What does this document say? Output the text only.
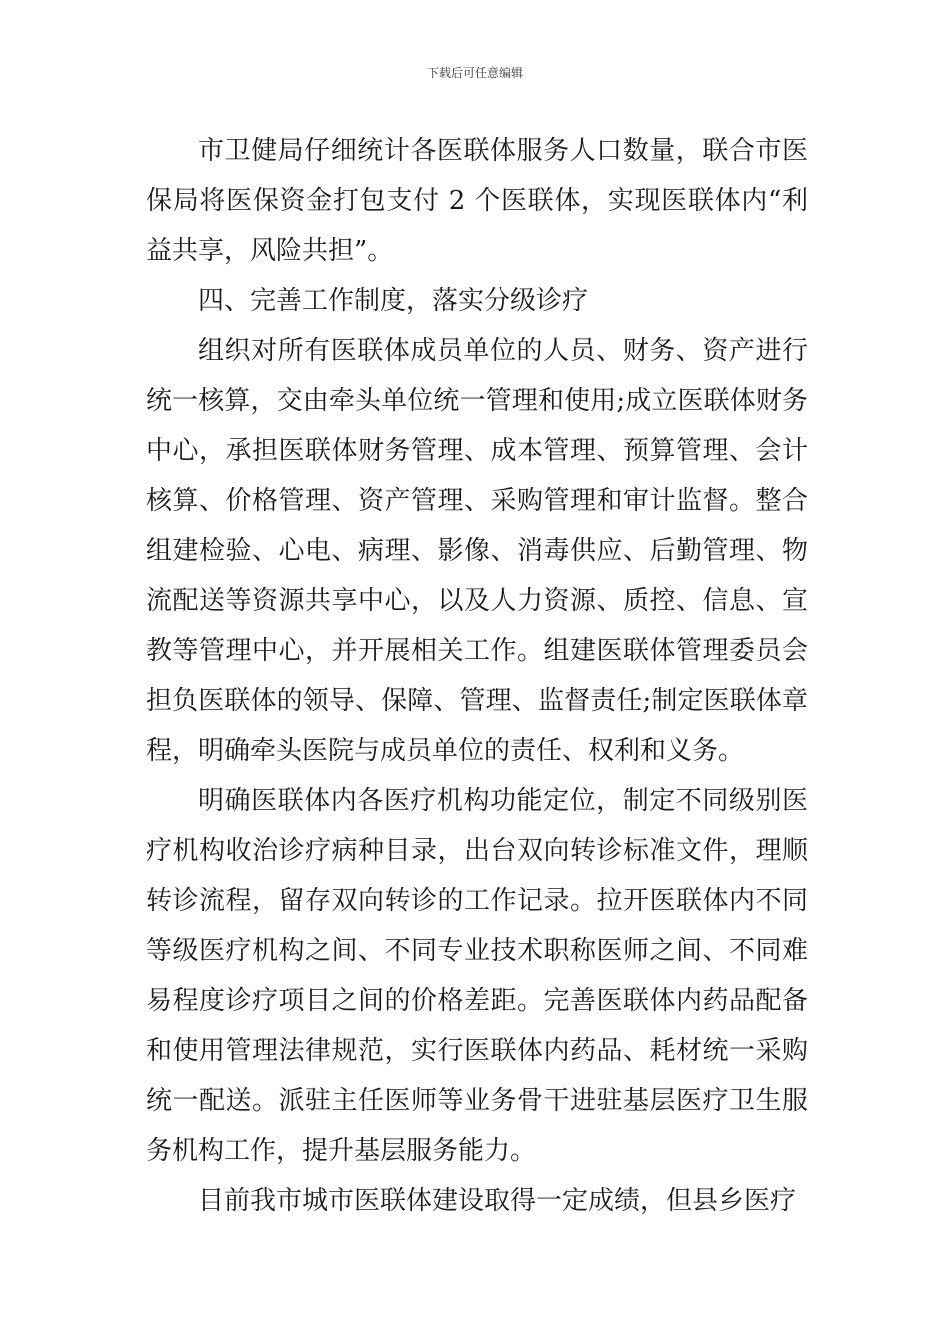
下载后可任意编辑

市卫健局仔细统计各医联体服务人口数量，联合市医保局将医保资金打包支付 2 个医联体，实现医联体内“利益共享，风险共担”。

四、完善工作制度，落实分级诊疗

组织对所有医联体成员单位的人员、财务、资产进行统一核算，交由牵头单位统一管理和使用;成立医联体财务中心，承担医联体财务管理、成本管理、预算管理、会计核算、价格管理、资产管理、采购管理和审计监督。整合组建检验、心电、病理、影像、消毒供应、后勤管理、物流配送等资源共享中心，以及人力资源、质控、信息、宣教等管理中心，并开展相关工作。组建医联体管理委员会担负医联体的领导、保障、管理、监督责任;制定医联体章程，明确牵头医院与成员单位的责任、权利和义务。

明确医联体内各医疗机构功能定位，制定不同级别医疗机构收治诊疗病种目录，出台双向转诊标准文件，理顺转诊流程，留存双向转诊的工作记录。拉开医联体内不同等级医疗机构之间、不同专业技术职称医师之间、不同难易程度诊疗项目之间的价格差距。完善医联体内药品配备和使用管理法律规范，实行医联体内药品、耗材统一采购统一配送。派驻主任医师等业务骨干进驻基层医疗卫生服务机构工作，提升基层服务能力。

目前我市城市医联体建设取得一定成绩，但县乡医疗
